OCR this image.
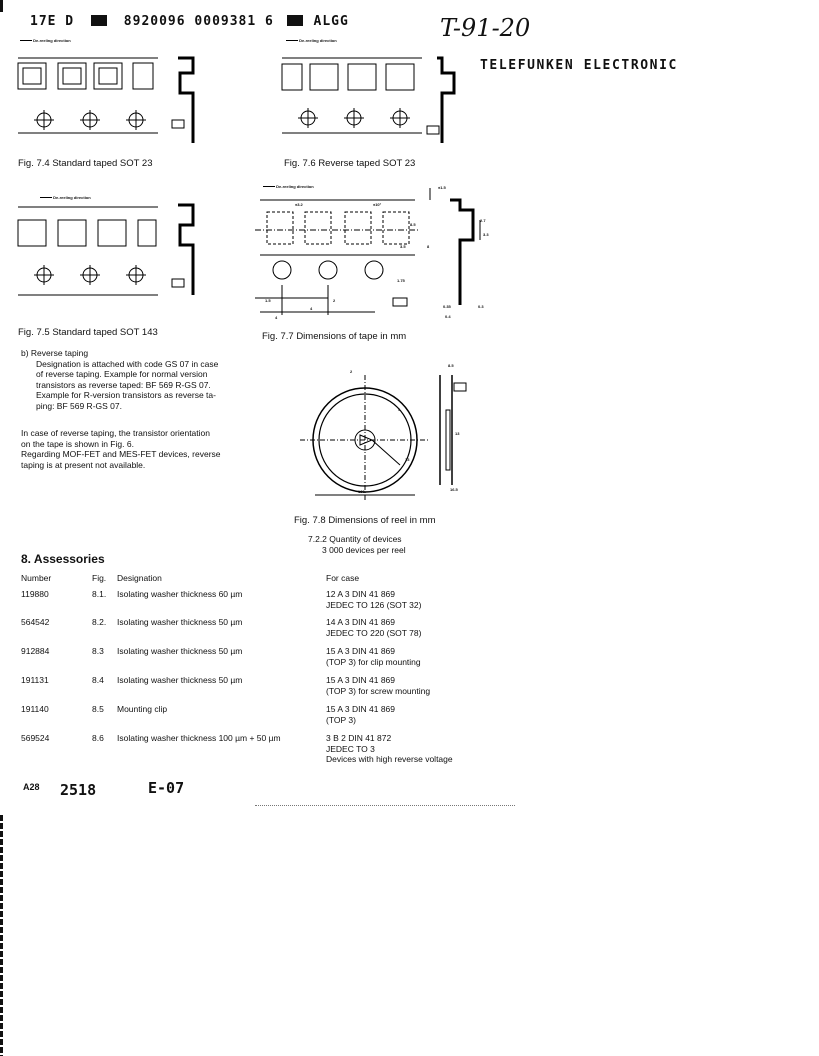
17E D	8920096 0009381 6	ALGG	T-91-20
TELEFUNKEN ELECTRONIC
De-reeling direction
Fig. 7.4 Standard taped SOT 23
De-reeling direction
Fig. 7.5 Standard taped SOT 143
De-reeling direction
Fig. 7.6 Reverse taped SOT 23
De-reeling direction	±1.5
±3.2	±10°
8.5
3.5	8
1.75
1.5	2
4
4
0.35
0.4
0.3
2.7
3.3
Fig. 7.7 Dimensions of tape in mm
2
8.5
4
13
180	16.5
13
Fig. 7.8 Dimensions of reel in mm
b) Reverse taping
Designation is attached with code GS 07 in case
of reverse taping. Example for normal version
transistors as reverse taped: BF 569 R-GS 07.
Example for R-version transistors as reverse ta-
ping: BF 569 R-GS 07.
In case of reverse taping, the transistor orientation
on the tape is shown in Fig. 6.
Regarding MOF-FET and MES-FET devices, reverse
taping is at present not available.
7.2.2 Quantity of devices
3 000 devices per reel
8. Assessories
Number	Fig.	Designation	For case
119880	8.1.	Isolating washer thickness 60 µm	12 A 3 DIN 41 869
JEDEC TO 126 (SOT 32)

564542	8.2.	Isolating washer thickness 50 µm	14 A 3 DIN 41 869
JEDEC TO 220 (SOT 78)

912884	8.3	Isolating washer thickness 50 µm	15 A 3 DIN 41 869
(TOP 3) for clip mounting

191131	8.4	Isolating washer thickness 50 µm	15 A 3 DIN 41 869
(TOP 3) for screw mounting

191140	8.5	Mounting clip	15 A 3 DIN 41 869
(TOP 3)

569524	8.6	Isolating washer thickness 100 µm + 50 µm	3 B 2 DIN 41 872
JEDEC TO 3
Devices with high reverse voltage
A28 2518	E-07
